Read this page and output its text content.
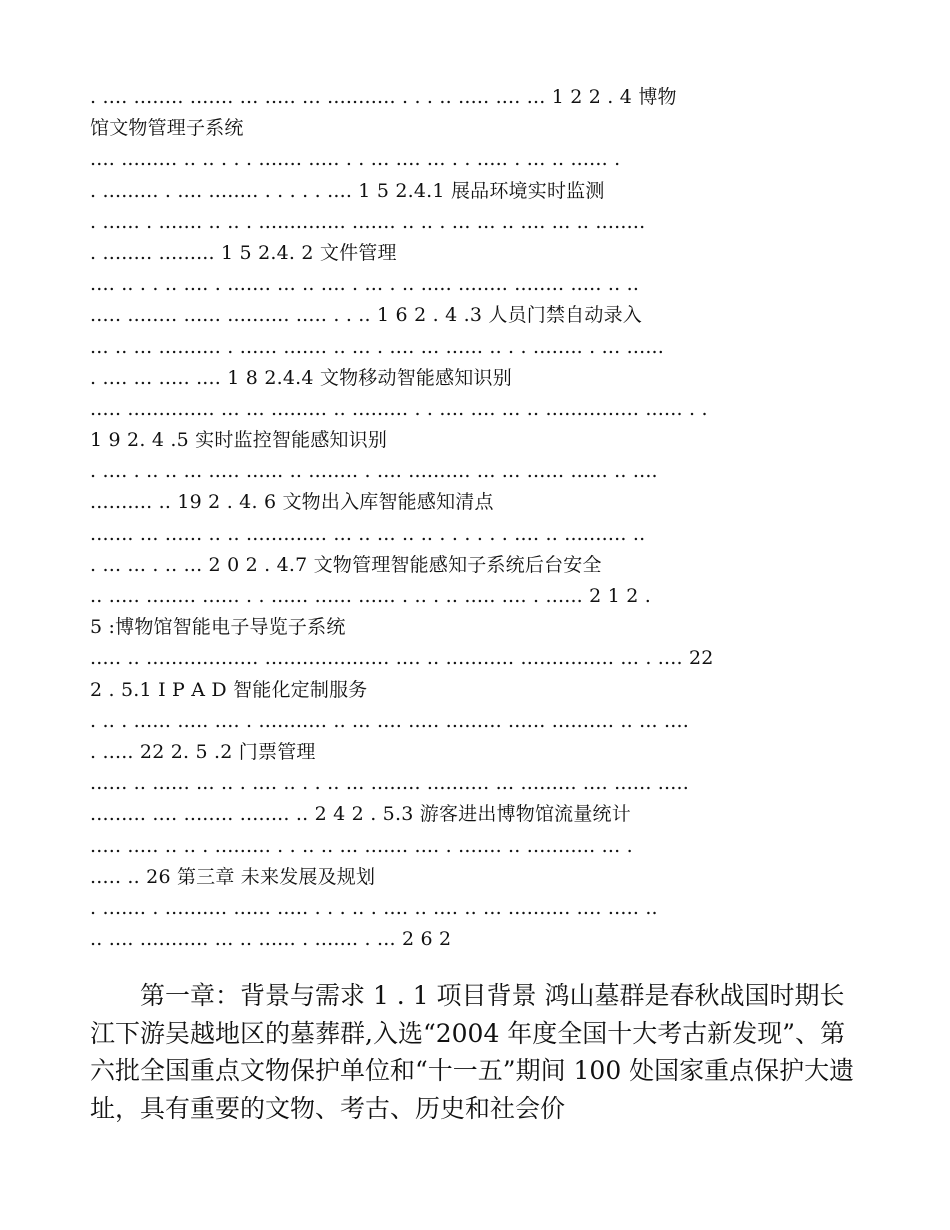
. .... ........ ....... ... ..... ... ........... . . . .. ..... .... ... 1 2 2 . 4 博物
馆文物管理子系统
.... ......... .. .. . . . ....... ..... . . ... .... ... . . ..... . ... .. ...... .
. ......... . .... ........ . . . . . .... 1 5 2.4.1 展品环境实时监测
. ...... . ....... .. .. . .............. ....... .. .. . ... ... .. .... ... .. ........
. ........ ......... 1 5 2.4. 2 文件管理
.... .. . . .. .... . ....... ... .. .... . ... . .. ..... ........ ........ ..... .. ..
..... ........ ...... .......... ..... . . .. 1 6 2 . 4 .3 人员门禁自动录入
... .. ... .......... . ...... ....... .. ... . .... ... ...... .. . . ........ . ... ......
. .... ... ..... .... 1 8 2.4.4 文物移动智能感知识别
..... .............. ... ... ......... .. ......... . . .... .... ... .. ............... ...... . .
1 9 2. 4 .5 实时监控智能感知识别
. .... . .. .. ... ..... ...... .. ........ . .... .......... ... ... ...... ...... .. ....
.......... .. 19 2 . 4. 6 文物出入库智能感知清点
....... ... ...... .. .. ............. ... .. ... .. .. . . . . . . .... .. .......... ..
. ... ... . .. ... 2 0 2 . 4.7 文物管理智能感知子系统后台安全
.. ..... ........ ...... . . ...... ...... ...... . .. . .. ..... .... . ...... 2 1 2 .
5 :博物馆智能电子导览子系统
..... .. .................. .................... .... .. ........... ............... ... . .... 22
2 . 5.1 I P A D 智能化定制服务
. .. . ...... ..... .... . ........... .. ... .... ..... ......... ...... .......... .. ... ....
. ..... 22 2. 5 .2 门票管理
...... .. ...... ... .. . .... .. . . .. ... ........ .......... ... ......... .... ...... .....
......... .... ........ ........ .. 2 4 2 . 5.3 游客进出博物馆流量统计
..... ..... .. .. . ......... . . .. .. ... ....... .... . ....... .. ........... ... .
..... .. 26 第三章 未来发展及规划
. ....... . .......... ...... ..... . . . .. . .... .. .... .. ... .......... .... ..... ..
.. .... ........... ... .. ...... . ....... . ... 2 6 2
第一章：背景与需求 1 . 1 项目背景 鸿山墓群是春秋战国时期长江下游吴越地区的墓葬群,入选“2004 年度全国十大考古新发现”、第六批全国重点文物保护单位和“十一五”期间 100 处国家重点保护大遗址，具有重要的文物、考古、历史和社会价
